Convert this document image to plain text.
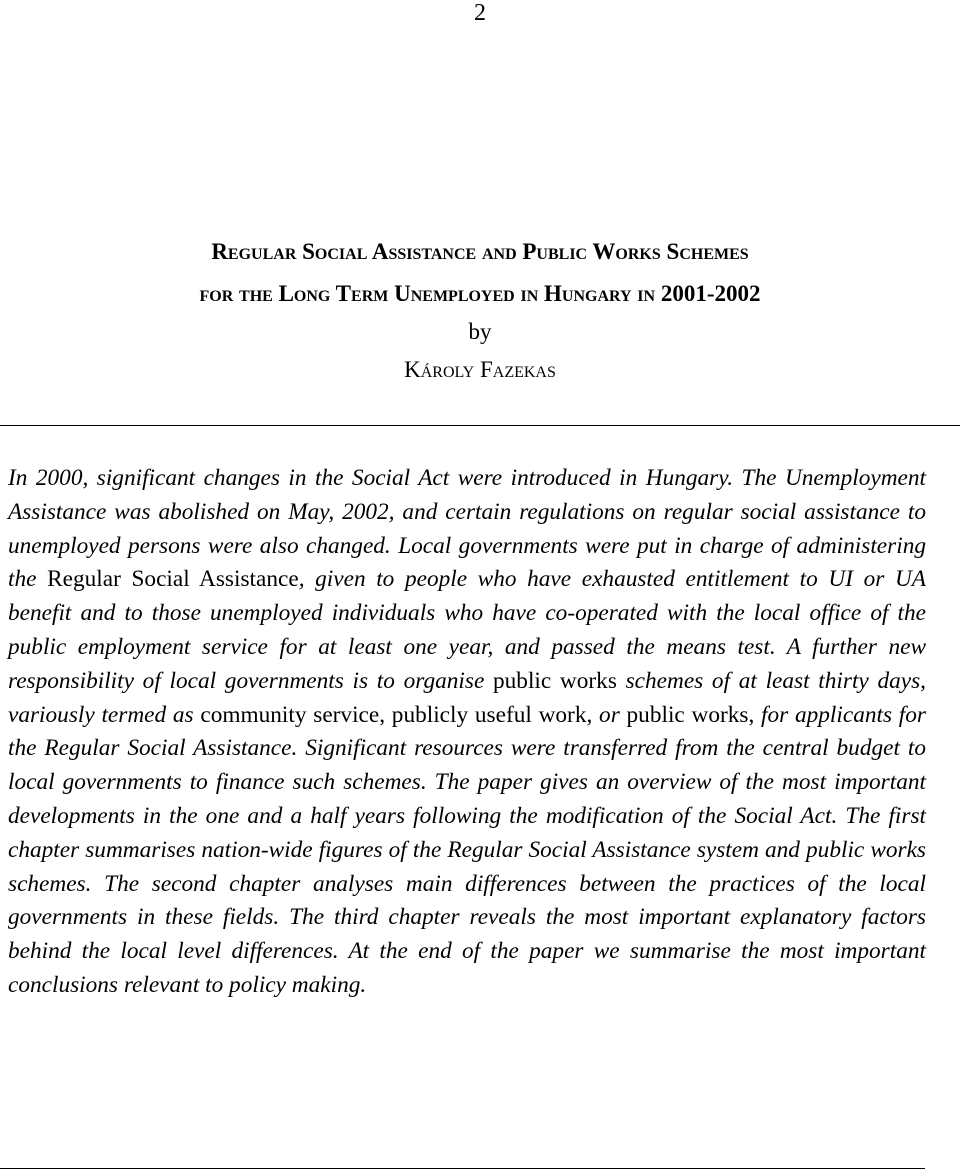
2
Regular Social Assistance and Public Works Schemes
for the Long Term Unemployed in Hungary in 2001-2002
by
Károly Fazekas

In 2000, significant changes in the Social Act were introduced in Hungary. The Unemployment Assistance was abolished on May, 2002, and certain regulations on regular social assistance to unemployed persons were also changed. Local governments were put in charge of administering the Regular Social Assistance, given to people who have exhausted entitlement to UI or UA benefit and to those unemployed individuals who have co-operated with the local office of the public employment service for at least one year, and passed the means test. A further new responsibility of local governments is to organise public works schemes of at least thirty days, variously termed as community service, publicly useful work, or public works, for applicants for the Regular Social Assistance. Significant resources were transferred from the central budget to local governments to finance such schemes. The paper gives an overview of the most important developments in the one and a half years following the modification of the Social Act. The first chapter summarises nation-wide figures of the Regular Social Assistance system and public works schemes. The second chapter analyses main differences between the practices of the local governments in these fields. The third chapter reveals the most important explanatory factors behind the local level differences. At the end of the paper we summarise the most important conclusions relevant to policy making.
